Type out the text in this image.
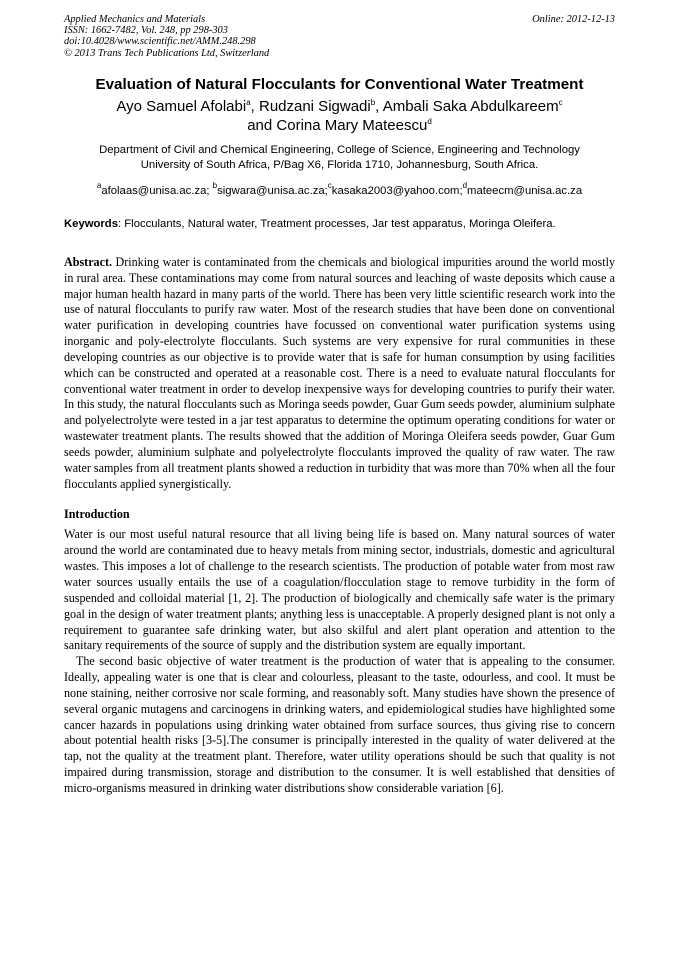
Applied Mechanics and Materials
ISSN: 1662-7482, Vol. 248, pp 298-303
doi:10.4028/www.scientific.net/AMM.248.298
© 2013 Trans Tech Publications Ltd, Switzerland
Online: 2012-12-13
Evaluation of Natural Flocculants for Conventional Water Treatment
Ayo Samuel Afolabi$^a$, Rudzani Sigwadi$^b$, Ambali Saka Abdulkareem$^c$
and Corina Mary Mateescu$^d$
Department of Civil and Chemical Engineering, College of Science, Engineering and Technology
University of South Africa, P/Bag X6, Florida 1710, Johannesburg, South Africa.
$^a$afolaas@unisa.ac.za; $^b$sigwara@unisa.ac.za;$^c$kasaka2003@yahoo.com;$^d$mateecm@unisa.ac.za
Keywords: Flocculants, Natural water, Treatment processes, Jar test apparatus, Moringa Oleifera.
Abstract. Drinking water is contaminated from the chemicals and biological impurities around the world mostly in rural area. These contaminations may come from natural sources and leaching of waste deposits which cause a major human health hazard in many parts of the world. There has been very little scientific research work into the use of natural flocculants to purify raw water. Most of the research studies that have been done on conventional water purification in developing countries have focussed on conventional water purification systems using inorganic and poly-electrolyte flocculants. Such systems are very expensive for rural communities in these developing countries as our objective is to provide water that is safe for human consumption by using facilities which can be constructed and operated at a reasonable cost. There is a need to evaluate natural flocculants for conventional water treatment in order to develop inexpensive ways for developing countries to purify their water. In this study, the natural flocculants such as Moringa seeds powder, Guar Gum seeds powder, aluminium sulphate and polyelectrolyte were tested in a jar test apparatus to determine the optimum operating conditions for water or wastewater treatment plants. The results showed that the addition of Moringa Oleifera seeds powder, Guar Gum seeds powder, aluminium sulphate and polyelectrolyte flocculants improved the quality of raw water. The raw water samples from all treatment plants showed a reduction in turbidity that was more than 70% when all the four flocculants applied synergistically.
Introduction
Water is our most useful natural resource that all living being life is based on. Many natural sources of water around the world are contaminated due to heavy metals from mining sector, industrials, domestic and agricultural wastes. This imposes a lot of challenge to the research scientists. The production of potable water from most raw water sources usually entails the use of a coagulation/flocculation stage to remove turbidity in the form of suspended and colloidal material [1, 2]. The production of biologically and chemically safe water is the primary goal in the design of water treatment plants; anything less is unacceptable. A properly designed plant is not only a requirement to guarantee safe drinking water, but also skilful and alert plant operation and attention to the sanitary requirements of the source of supply and the distribution system are equally important.
The second basic objective of water treatment is the production of water that is appealing to the consumer. Ideally, appealing water is one that is clear and colourless, pleasant to the taste, odourless, and cool. It must be none staining, neither corrosive nor scale forming, and reasonably soft. Many studies have shown the presence of several organic mutagens and carcinogens in drinking waters, and epidemiological studies have highlighted some cancer hazards in populations using drinking water obtained from surface sources, thus giving rise to concern about potential health risks [3-5].The consumer is principally interested in the quality of water delivered at the tap, not the quality at the treatment plant. Therefore, water utility operations should be such that quality is not impaired during transmission, storage and distribution to the consumer. It is well established that densities of micro-organisms measured in drinking water distributions show considerable variation [6].
